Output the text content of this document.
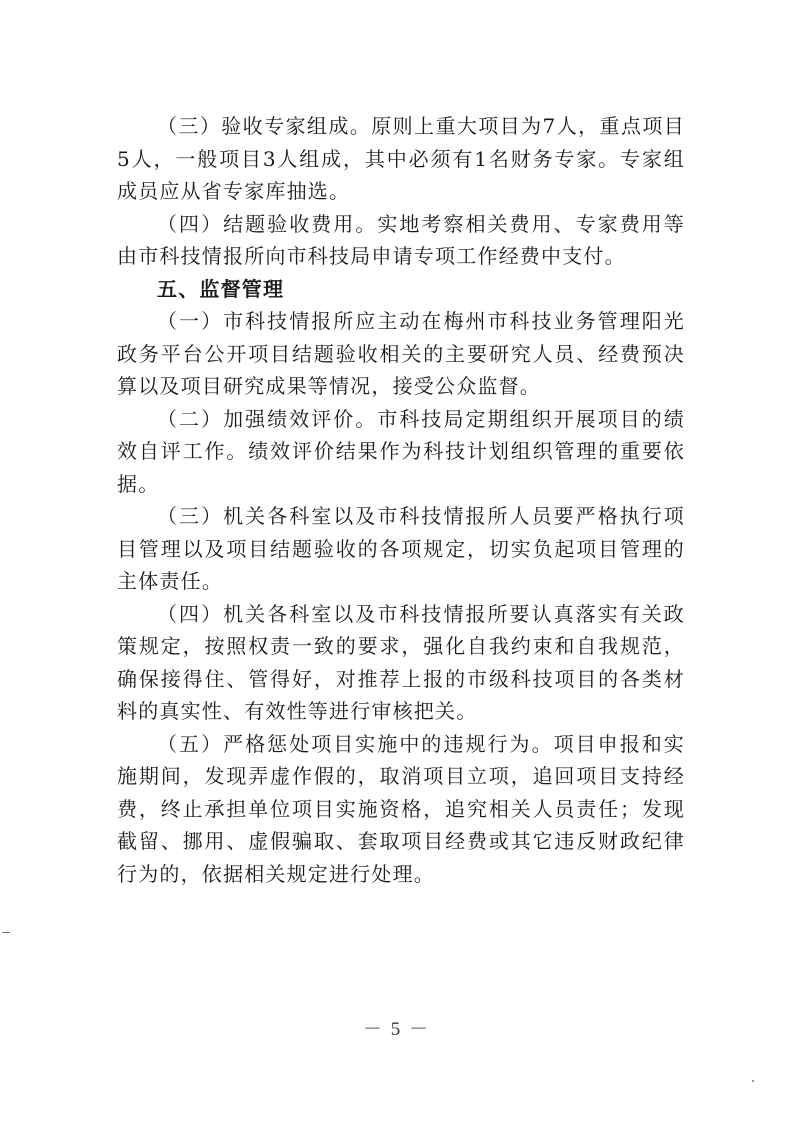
（三）验收专家组成。原则上重大项目为7人，重点项目5人，一般项目3人组成，其中必须有1名财务专家。专家组成员应从省专家库抽选。

（四）结题验收费用。实地考察相关费用、专家费用等由市科技情报所向市科技局申请专项工作经费中支付。

五、监督管理

（一）市科技情报所应主动在梅州市科技业务管理阳光政务平台公开项目结题验收相关的主要研究人员、经费预决算以及项目研究成果等情况，接受公众监督。

（二）加强绩效评价。市科技局定期组织开展项目的绩效自评工作。绩效评价结果作为科技计划组织管理的重要依据。

（三）机关各科室以及市科技情报所人员要严格执行项目管理以及项目结题验收的各项规定，切实负起项目管理的主体责任。

（四）机关各科室以及市科技情报所要认真落实有关政策规定，按照权责一致的要求，强化自我约束和自我规范，确保接得住、管得好，对推荐上报的市级科技项目的各类材料的真实性、有效性等进行审核把关。

（五）严格惩处项目实施中的违规行为。项目申报和实施期间，发现弄虚作假的，取消项目立项，追回项目支持经费，终止承担单位项目实施资格，追究相关人员责任；发现截留、挪用、虚假骗取、套取项目经费或其它违反财政纪律行为的，依据相关规定进行处理。

－ 5 －
